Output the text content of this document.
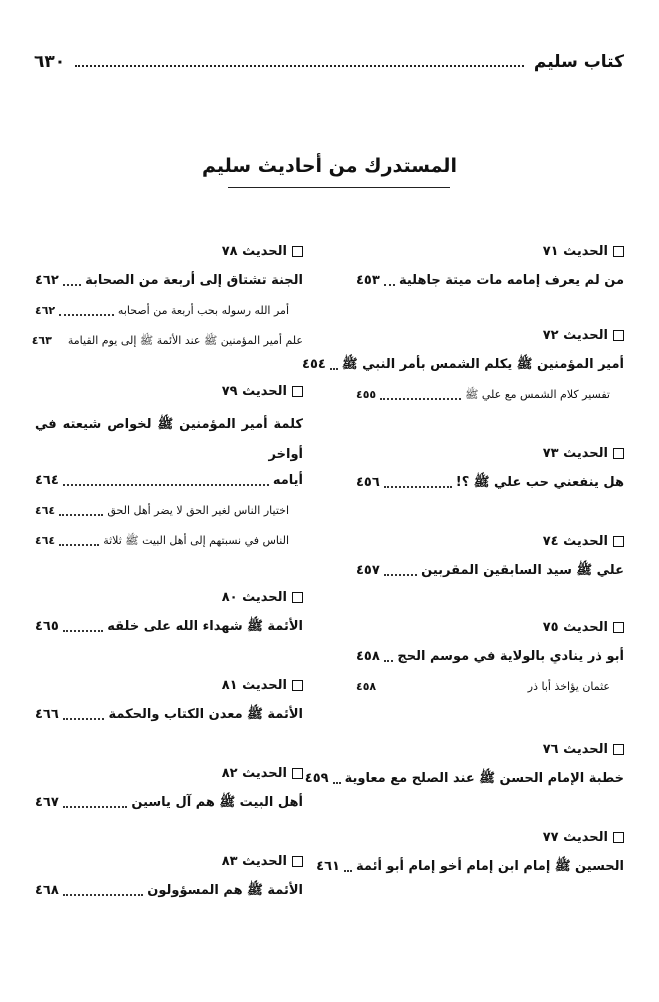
كتاب سليم
٦٣٠
المستدرك من أحاديث سليم
الحديث ٧١
من لم يعرف إمامه مات ميتة جاهلية
٤٥٣
الحديث ٧٢
أمير المؤمنين ﷺ يكلم الشمس بأمر النبي ﷺ
٤٥٤
تفسير كلام الشمس مع علي ﷺ
٤٥٥
الحديث ٧٣
هل ينفعني حب علي ﷺ ؟!
٤٥٦
الحديث ٧٤
علي ﷺ سيد السابقين المقربين
٤٥٧
الحديث ٧٥
أبو ذر ينادي بالولاية في موسم الحج
٤٥٨
عثمان يؤاخذ أبا ذر
٤٥٨
الحديث ٧٦
خطبة الإمام الحسن ﷺ عند الصلح مع معاوية
٤٥٩
الحديث ٧٧
الحسين ﷺ إمام ابن إمام أخو إمام أبو أئمة
٤٦١
الحديث ٧٨
الجنة تشتاق إلى أربعة من الصحابة
٤٦٢
أمر الله رسوله بحب أربعة من أصحابه
٤٦٢
علم أمير المؤمنين ﷺ عند الأئمة ﷺ إلى يوم القيامة
٤٦٣
الحديث ٧٩
كلمة أمير المؤمنين ﷺ لخواص شيعته في أواخر
أيامه
٤٦٤
اختيار الناس لغير الحق لا يضر أهل الحق
٤٦٤
الناس في نسبتهم إلى أهل البيت ﷺ ثلاثة
٤٦٤
الحديث ٨٠
الأئمة ﷺ شهداء الله على خلقه
٤٦٥
الحديث ٨١
الأئمة ﷺ معدن الكتاب والحكمة
٤٦٦
الحديث ٨٢
أهل البيت ﷺ هم آل ياسين
٤٦٧
الحديث ٨٣
الأئمة ﷺ هم المسؤولون
٤٦٨
